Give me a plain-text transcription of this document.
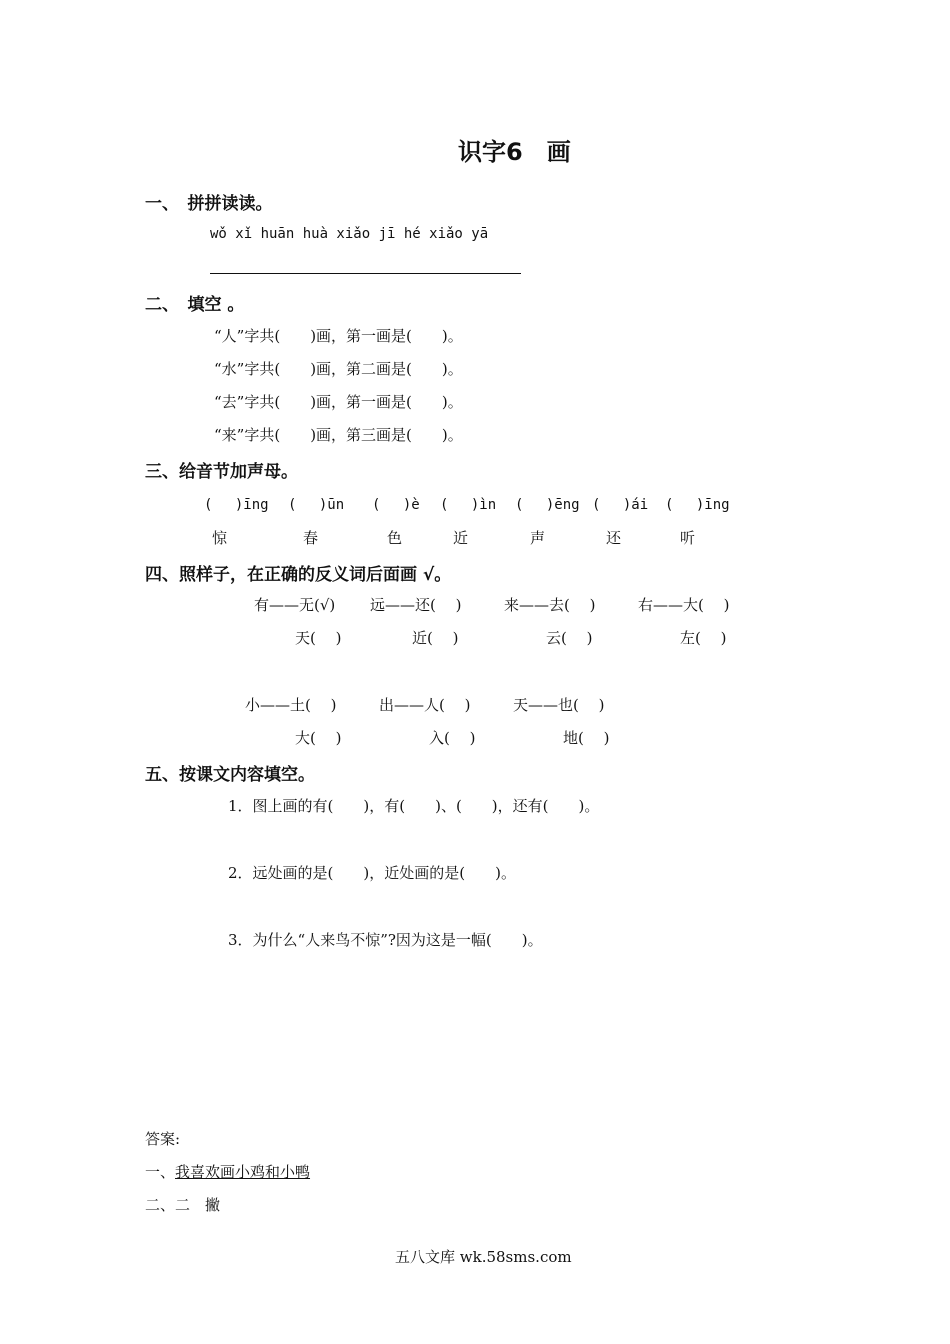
识字6　画
一、　拼拼读读。
wǒ xǐ huān huà xiǎo jī hé xiǎo yā
二、　填空 。
“人”字共(　　)画，第一画是(　　)。
“水”字共(　　)画，第二画是(　　)。
“去”字共(　　)画，第一画是(　　)。
“来”字共(　　)画，第三画是(　　)。
三、给音节加声母。
(　 )īng (　 )ūn (　 )è (　 )ìn (　 )ēng (　 )ái (　 )īng
惊	春	色	近	声	还	听
四、照样子，在正确的反义词后面画 √。
有——无(√) 远——还(　 )	来——去(　 )	右——大(　 )
天(　 )	近(　 )	云(　 )	左(　 )
小——土(　 )	出——人(　 )	天——也(　 )
大(　 )	入(　 )	地(　 )
五、按课文内容填空。
1．图上画的有(　　)，有(　　)、(　　)，还有(　　)。
2．远处画的是(　　)，近处画的是(　　)。
3．为什么“人来鸟不惊”?因为这是一幅(　　)。
答案:
一、我喜欢画小鸡和小鸭
二、二　撇
五八文库 wk.58sms.com
